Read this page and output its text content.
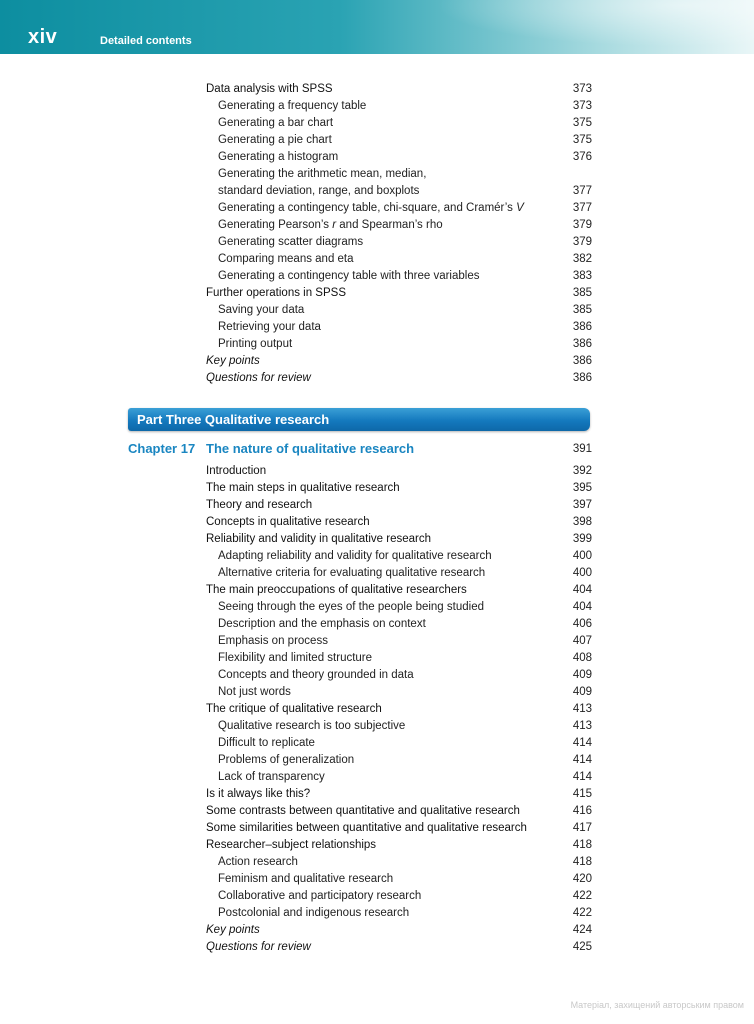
xiv	Detailed contents
Data analysis with SPSS	373
Generating a frequency table	373
Generating a bar chart	375
Generating a pie chart	375
Generating a histogram	376
Generating the arithmetic mean, median,
standard deviation, range, and boxplots	377
Generating a contingency table, chi-square, and Cramér’s V	377
Generating Pearson’s r and Spearman’s rho	379
Generating scatter diagrams	379
Comparing means and eta	382
Generating a contingency table with three variables	383
Further operations in SPSS	385
Saving your data	385
Retrieving your data	386
Printing output	386
Key points	386
Questions for review	386
Part Three Qualitative research
Chapter 17 The nature of qualitative research	391
Introduction	392
The main steps in qualitative research	395
Theory and research	397
Concepts in qualitative research	398
Reliability and validity in qualitative research	399
Adapting reliability and validity for qualitative research	400
Alternative criteria for evaluating qualitative research	400
The main preoccupations of qualitative researchers	404
Seeing through the eyes of the people being studied	404
Description and the emphasis on context	406
Emphasis on process	407
Flexibility and limited structure	408
Concepts and theory grounded in data	409
Not just words	409
The critique of qualitative research	413
Qualitative research is too subjective	413
Difficult to replicate	414
Problems of generalization	414
Lack of transparency	414
Is it always like this?	415
Some contrasts between quantitative and qualitative research	416
Some similarities between quantitative and qualitative research	417
Researcher–subject relationships	418
Action research	418
Feminism and qualitative research	420
Collaborative and participatory research	422
Postcolonial and indigenous research	422
Key points	424
Questions for review	425
Матеріал, захищений авторським правом
